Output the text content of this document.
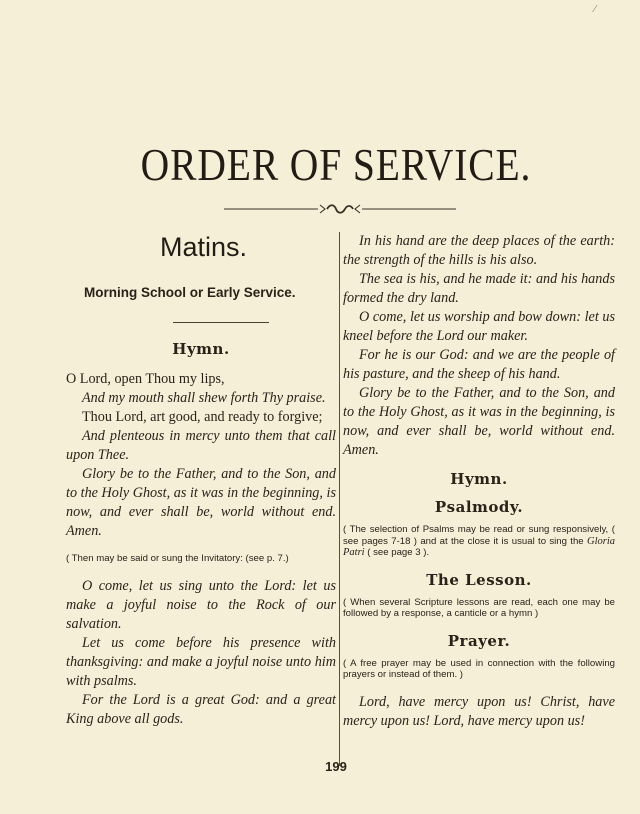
⁄
ORDER OF SERVICE.
Matins.
Morning School or Early Service.
Hymn.

O Lord, open Thou my lips,

And my mouth shall shew forth Thy praise.

Thou Lord, art good, and ready to forgive;

And plenteous in mercy unto them that call upon Thee.

Glory be to the Father, and to the Son, and to the Holy Ghost, as it was in the beginning, is now, and ever shall be, world without end. Amen.

( Then may be said or sung the Invitatory: (see p. 7.)

O come, let us sing unto the Lord: let us make a joyful noise to the Rock of our salvation.

Let us come before his presence with thanksgiving: and make a joyful noise unto him with psalms.

For the Lord is a great God: and a great King above all gods.

In his hand are the deep places of the earth: the strength of the hills is his also.

The sea is his, and he made it: and his hands formed the dry land.

O come, let us worship and bow down: let us kneel before the Lord our maker.

For he is our God: and we are the people of his pasture, and the sheep of his hand.

Glory be to the Father, and to the Son, and to the Holy Ghost, as it was in the beginning, is now, and ever shall be, world without end. Amen.

Hymn.
Psalmody.

( The selection of Psalms may be read or sung responsively, ( see pages 7-18 ) and at the close it is usual to sing the Gloria Patri ( see page 3 ).

The Lesson.

( When several Scripture lessons are read, each one may be followed by a response, a canticle or a hymn )

Prayer.

( A free prayer may be used in connection with the following prayers or instead of them. )

Lord, have mercy upon us! Christ, have mercy upon us! Lord, have mercy upon us!

199
